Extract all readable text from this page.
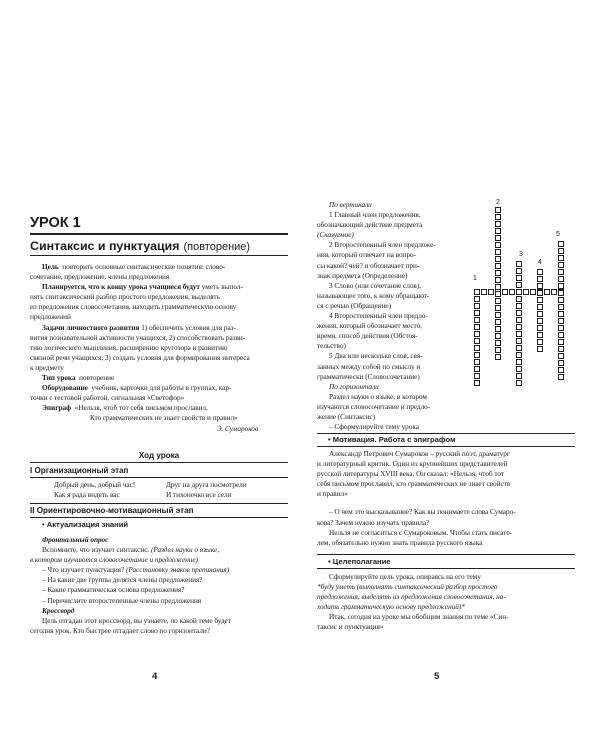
УРОК 1
Синтаксис и пунктуация (повторение)

Цель повторить основные синтаксические понятия: слово-

сочетание, предложение, члены предложения

Планируется, что к концу урока учащиеся будут уметь выпол-

нять синтаксический разбор простого предложения, выделять

из предложения словосочетания, находить грамматическую основу

предложений

Задачи личностного развития 1) обеспечить условия для раз-

вития познавательной активности учащихся, 2) способствовать разви-

тию логического мышления, расширению кругозора и развитию

связной речи учащихся, 3) создать условия для формирования интереса

к предмету

Тип урока повторение

Оборудование учебник, карточки для работы в группах, кар-

точки с тестовой работой, сигнальная «Светофор»

Эпиграф «Нельзя, чтоб тот себя письмом прославил,

Кто грамматических не знает свойств и правил»

Э. Сумароков

Ход урока
I Организационный этап

Добрый день, добрый час!	Друг на друга посмотрели

Как я рада видеть вас	И тихонечко все сели

II Ориентировочно-мотивационный этап
• Актуализация знаний

Фронтальный опрос

Вспомните, что изучает синтаксис. (Раздел науки о языке,

в котором изучаются словосочетание и предложение)

– Что изучает пунктуация? (Расстановку знаков препинания)

– На какие две группы делятся члены предложения?

– Какие грамматическая основа предложения?

– Перечислите второстепенные члены предложения

Кроссворд

Цель отгадан этот кроссворд, вы узнаете, по какой теме будет

сегодня урок. Кто быстрее отгадает слово по горизонтали?

4

По вертикали

1 Главный член предложения,

обозначающий действие предмета

(Сказуемое)

2 Второстепенный член предложе-

ния, который отвечает на вопро-

сы какой? чей? и обозначает при-

знак предмета (Определение)

3 Слово (или сочетание слов),

называющее того, к кому обращают-

ся с речью (Обращение)

4 Второстепенный член предло-

жения, который обозначает место,

время, способ действия (Обстоя-

тельство)

5 Два или несколько слов, свя-

занных между собой по смыслу и

грамматически (Словосочетание)

По горизонтали

Раздел науки о языке, в котором

изучаются словосочетание и предло-

жение (Синтаксис)

– Сформулируйте тему урока

1
2
3
4
5
• Мотивация. Работа с эпиграфом

Александр Петрович Сумароков – русский поэт, драматург

и литературный критик. Один из крупнейших представителей

русской литературы XVIII века. Он сказал: «Нельзя, чтоб тот

себя письмом прославил, кто грамматических не знает свойств

и правил»

– О чем это высказывание? Как вы понимаете слова Сумаро-

кова? Зачем нужно изучать правила?

Нельзя не согласиться с Сумароковым. Чтобы стать писате-

лем, обязательно нужно знать правила русского языка

• Целеполагание

Сформулируйте цель урока, опираясь на его тему

*буду уметь (выполнять синтаксический разбор простого

предложения, выделять из предложения словосочетания, на-

ходить грамматическую основу предложений)*

Итак, сегодня на уроке мы обобщим знания по теме «Син-

таксис и пунктуация»

5
